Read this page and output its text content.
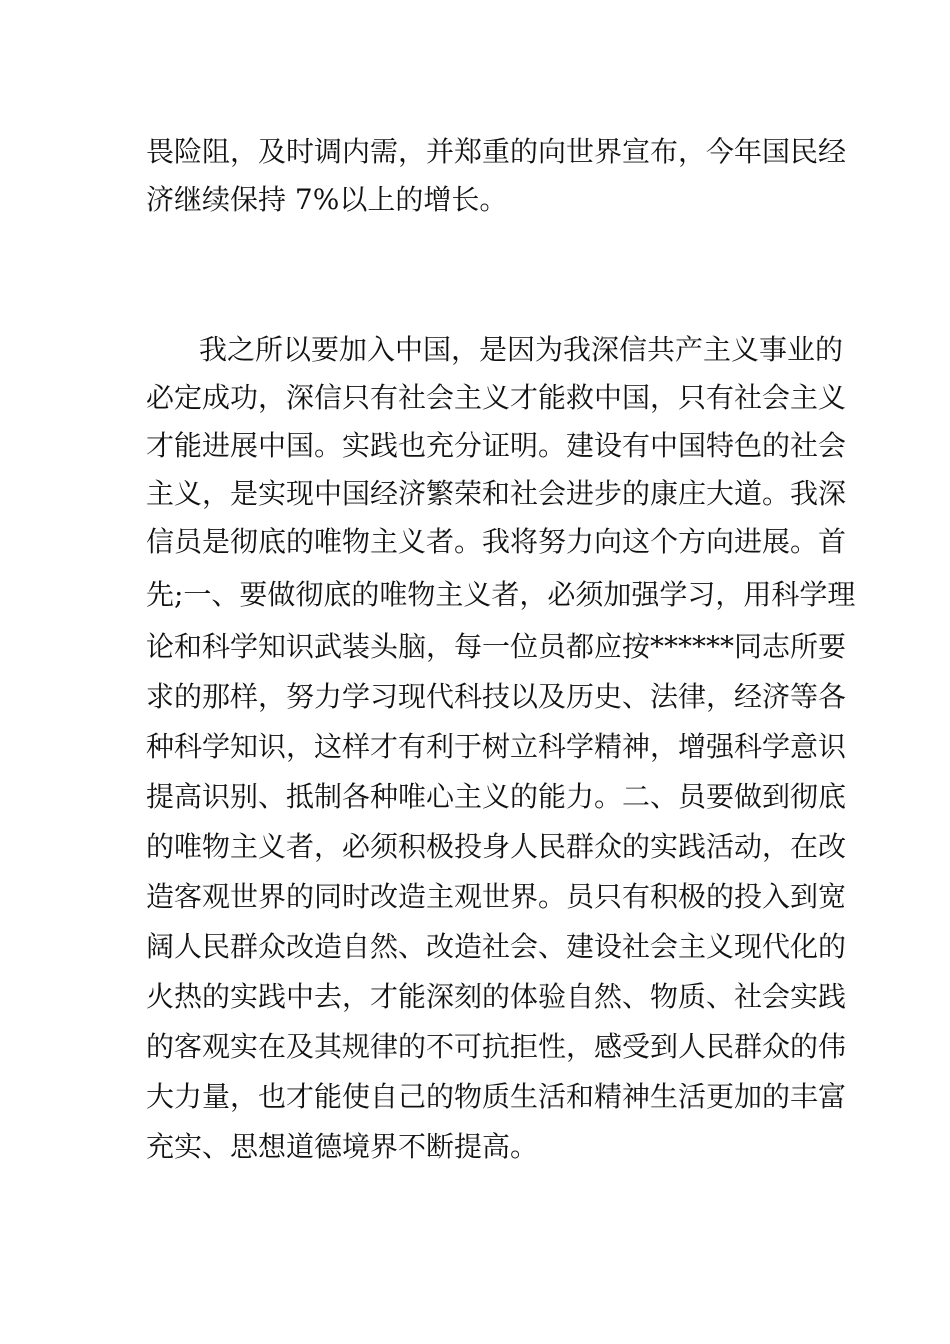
畏险阻，及时调内需，并郑重的向世界宣布，今年国民经
济继续保持 7%以上的增长。
我之所以要加入中国，是因为我深信共产主义事业的
必定成功，深信只有社会主义才能救中国，只有社会主义
才能进展中国。实践也充分证明。建设有中国特色的社会
主义，是实现中国经济繁荣和社会进步的康庄大道。我深
信员是彻底的唯物主义者。我将努力向这个方向进展。首
先;一、要做彻底的唯物主义者，必须加强学习，用科学理
论和科学知识武装头脑，每一位员都应按******同志所要
求的那样，努力学习现代科技以及历史、法律，经济等各
种科学知识，这样才有利于树立科学精神，增强科学意识
提高识别、抵制各种唯心主义的能力。二、员要做到彻底
的唯物主义者，必须积极投身人民群众的实践活动，在改
造客观世界的同时改造主观世界。员只有积极的投入到宽
阔人民群众改造自然、改造社会、建设社会主义现代化的
火热的实践中去，才能深刻的体验自然、物质、社会实践
的客观实在及其规律的不可抗拒性，感受到人民群众的伟
大力量，也才能使自己的物质生活和精神生活更加的丰富
充实、思想道德境界不断提高。
